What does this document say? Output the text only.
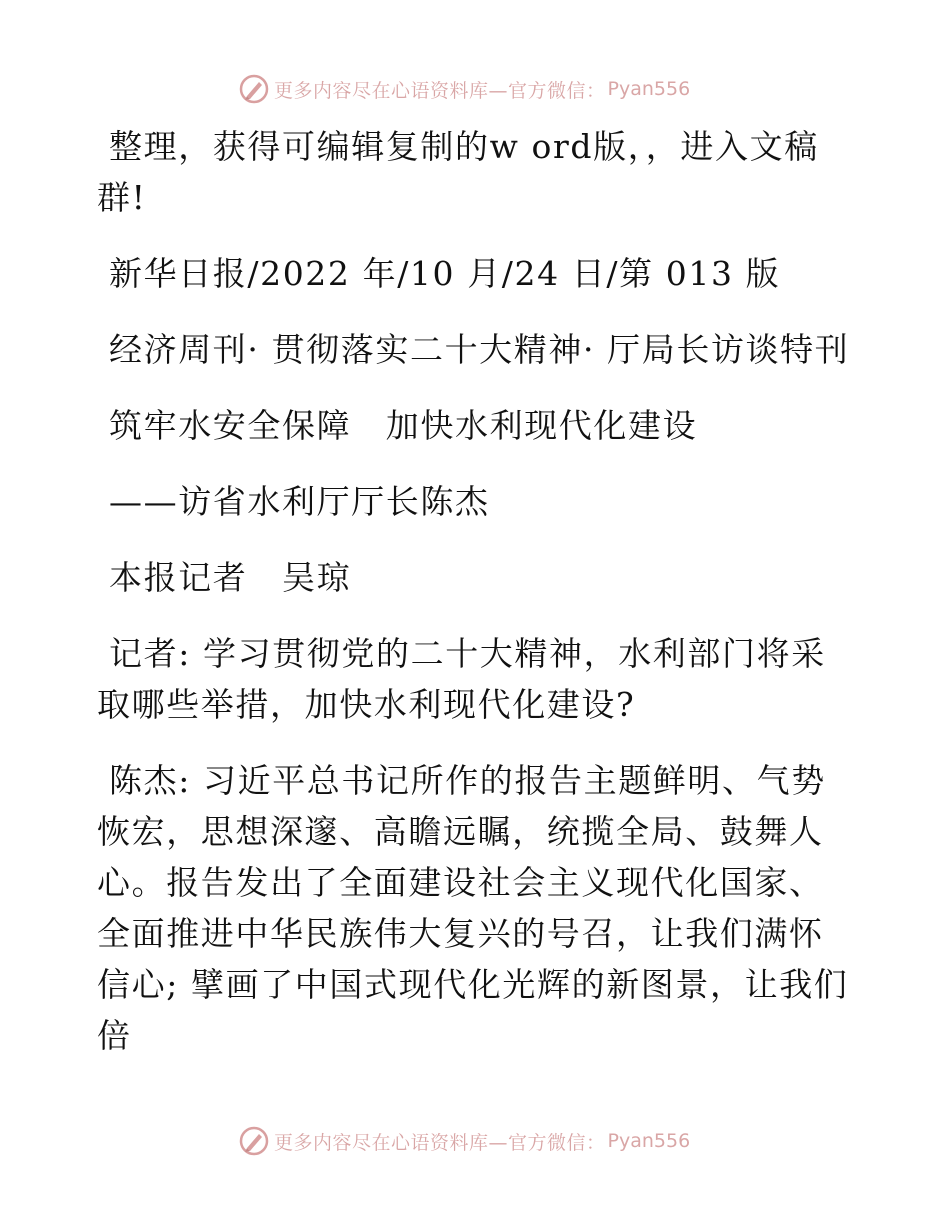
更多内容尽在心语资料库—官方微信： Pyan556

整理，获得可编辑复制的w ord版，，进入文稿群!

新华日报/2022 年/10 月/24 日/第 013 版

经济周刊· 贯彻落实二十大精神· 厅局长访谈特刊

筑牢水安全保障　加快水利现代化建设

——访省水利厅厅长陈杰

本报记者　吴琼

记者: 学习贯彻党的二十大精神，水利部门将采取哪些举措，加快水利现代化建设?

陈杰: 习近平总书记所作的报告主题鲜明、气势恢宏，思想深邃、高瞻远瞩，统揽全局、鼓舞人心。报告发出了全面建设社会主义现代化国家、全面推进中华民族伟大复兴的号召，让我们满怀信心; 擘画了中国式现代化光辉的新图景，让我们倍

更多内容尽在心语资料库—官方微信： Pyan556
